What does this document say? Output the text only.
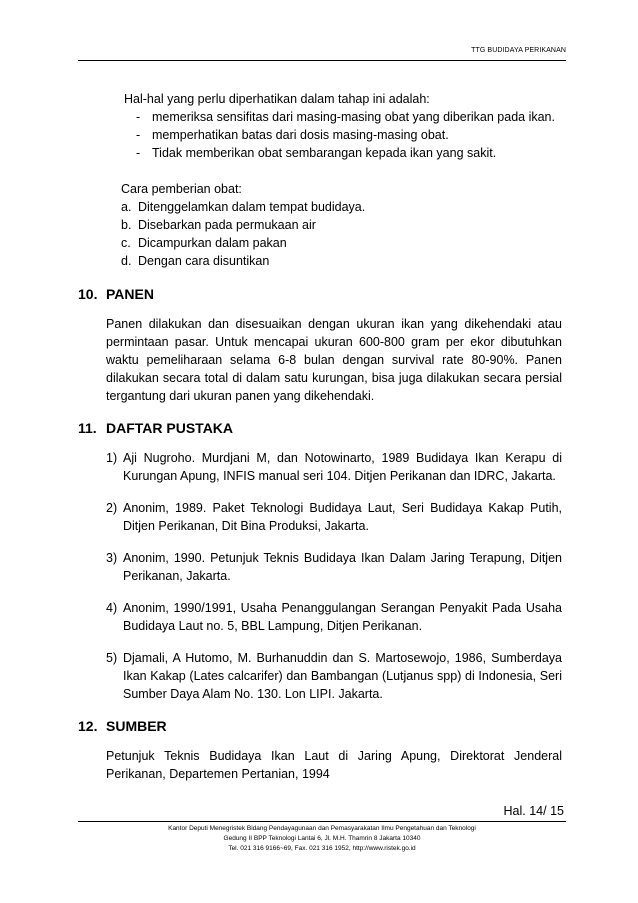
TTG BUDIDAYA PERIKANAN
Hal-hal yang perlu diperhatikan dalam tahap ini adalah:
- memeriksa sensifitas dari masing-masing obat yang diberikan pada ikan.
- memperhatikan batas dari dosis masing-masing obat.
- Tidak memberikan obat sembarangan kepada ikan yang sakit.
Cara pemberian obat:
a. Ditenggelamkan dalam tempat budidaya.
b. Disebarkan pada permukaan air
c. Dicampurkan dalam pakan
d. Dengan cara disuntikan
10. PANEN
Panen dilakukan dan disesuaikan dengan ukuran ikan yang dikehendaki atau permintaan pasar. Untuk mencapai ukuran 600-800 gram per ekor dibutuhkan waktu pemeliharaan selama 6-8 bulan dengan survival rate 80-90%. Panen dilakukan secara total di dalam satu kurungan, bisa juga dilakukan secara persial tergantung dari ukuran panen yang dikehendaki.
11. DAFTAR PUSTAKA
1) Aji Nugroho. Murdjani M, dan Notowinarto, 1989 Budidaya Ikan Kerapu di Kurungan Apung, INFIS manual seri 104. Ditjen Perikanan dan IDRC, Jakarta.
2) Anonim, 1989. Paket Teknologi Budidaya Laut, Seri Budidaya Kakap Putih, Ditjen Perikanan, Dit Bina Produksi, Jakarta.
3) Anonim, 1990. Petunjuk Teknis Budidaya Ikan Dalam Jaring Terapung, Ditjen Perikanan, Jakarta.
4) Anonim, 1990/1991, Usaha Penanggulangan Serangan Penyakit Pada Usaha Budidaya Laut no. 5, BBL Lampung, Ditjen Perikanan.
5) Djamali, A Hutomo, M. Burhanuddin dan S. Martosewojo, 1986, Sumberdaya Ikan Kakap (Lates calcarifer) dan Bambangan (Lutjanus spp) di Indonesia, Seri Sumber Daya Alam No. 130. Lon LIPI. Jakarta.
12. SUMBER
Petunjuk Teknis Budidaya Ikan Laut di Jaring Apung, Direktorat Jenderal Perikanan, Departemen Pertanian, 1994
Hal. 14/ 15
Kantor Deputi Menegristek Bidang Pendayagunaan dan Pemasyarakatan Ilmu Pengetahuan dan Teknologi
Gedung II BPP Teknologi Lantai 6, Jl. M.H. Thamrin 8 Jakarta 10340
Tel. 021 316 9166~69, Fax. 021 316 1952, http://www.ristek.go.id
